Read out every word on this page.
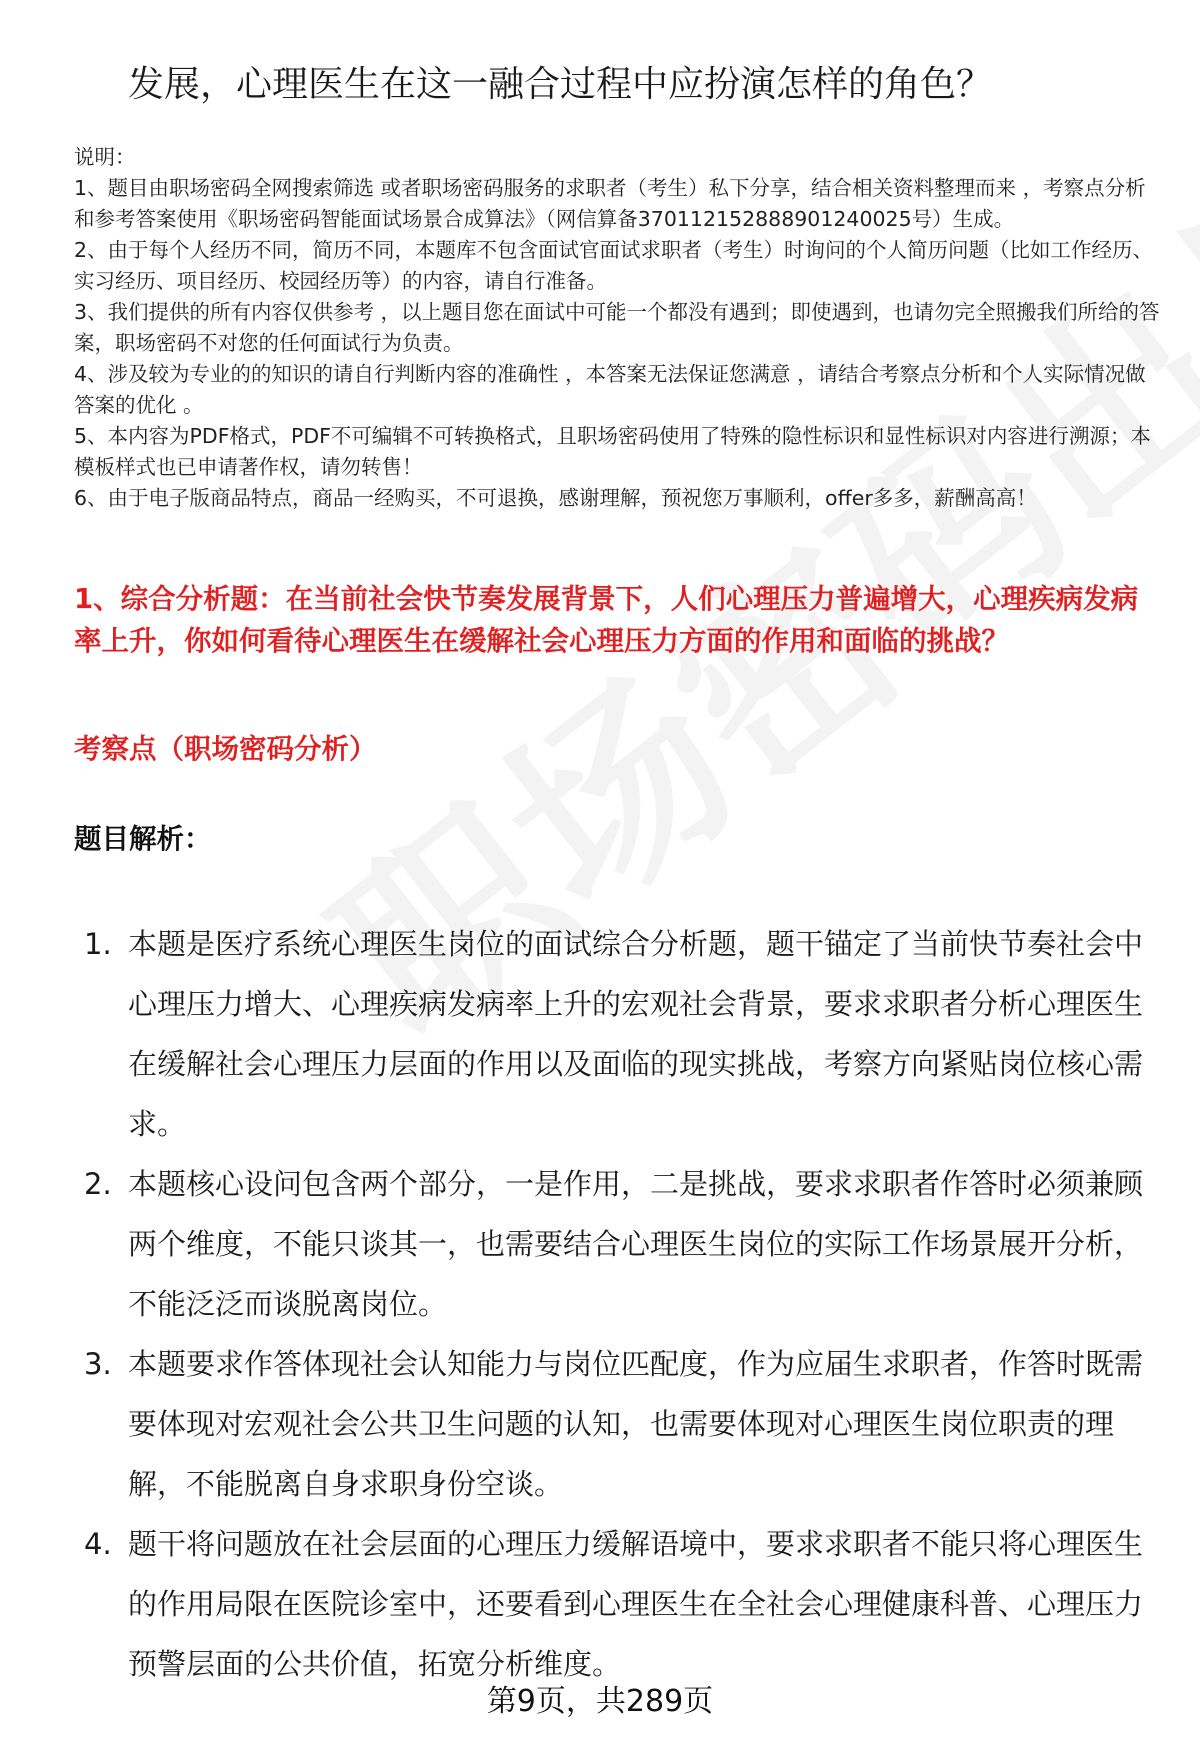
发展，心理医生在这一融合过程中应扮演怎样的角色？

说明：

1、题目由职场密码全网搜索筛选 或者职场密码服务的求职者（考生）私下分享，结合相关资料整理而来 ，考察点分析和参考答案使用《职场密码智能面试场景合成算法》（网信算备370112152888901240025号）生成。

2、由于每个人经历不同，简历不同，本题库不包含面试官面试求职者（考生）时询问的个人简历问题（比如工作经历、实习经历、项目经历、校园经历等）的内容，请自行准备。

3、我们提供的所有内容仅供参考 ，以上题目您在面试中可能一个都没有遇到；即使遇到，也请勿完全照搬我们所给的答案，职场密码不对您的任何面试行为负责。

4、涉及较为专业的的知识的请自行判断内容的准确性 ，本答案无法保证您满意 ，请结合考察点分析和个人实际情况做答案的优化 。

5、本内容为PDF格式，PDF不可编辑不可转换格式，且职场密码使用了特殊的隐性标识和显性标识对内容进行溯源；本模板样式也已申请著作权，请勿转售！

6、由于电子版商品特点，商品一经购买，不可退换，感谢理解，预祝您万事顺利，offer多多，薪酬高高！

1、综合分析题：在当前社会快节奏发展背景下，人们心理压力普遍增大，心理疾病发病率上升，你如何看待心理医生在缓解社会心理压力方面的作用和面临的挑战？
考察点（职场密码分析）
题目解析：
1. 本题是医疗系统心理医生岗位的面试综合分析题，题干锚定了当前快节奏社会中心理压力增大、心理疾病发病率上升的宏观社会背景，要求求职者分析心理医生在缓解社会心理压力层面的作用以及面临的现实挑战，考察方向紧贴岗位核心需求。
2. 本题核心设问包含两个部分，一是作用，二是挑战，要求求职者作答时必须兼顾两个维度，不能只谈其一，也需要结合心理医生岗位的实际工作场景展开分析，不能泛泛而谈脱离岗位。
3. 本题要求作答体现社会认知能力与岗位匹配度，作为应届生求职者，作答时既需要体现对宏观社会公共卫生问题的认知，也需要体现对心理医生岗位职责的理解，不能脱离自身求职身份空谈。
4. 题干将问题放在社会层面的心理压力缓解语境中，要求求职者不能只将心理医生的作用局限在医院诊室中，还要看到心理医生在全社会心理健康科普、心理压力预警层面的公共价值，拓宽分析维度。
第9页，共289页
